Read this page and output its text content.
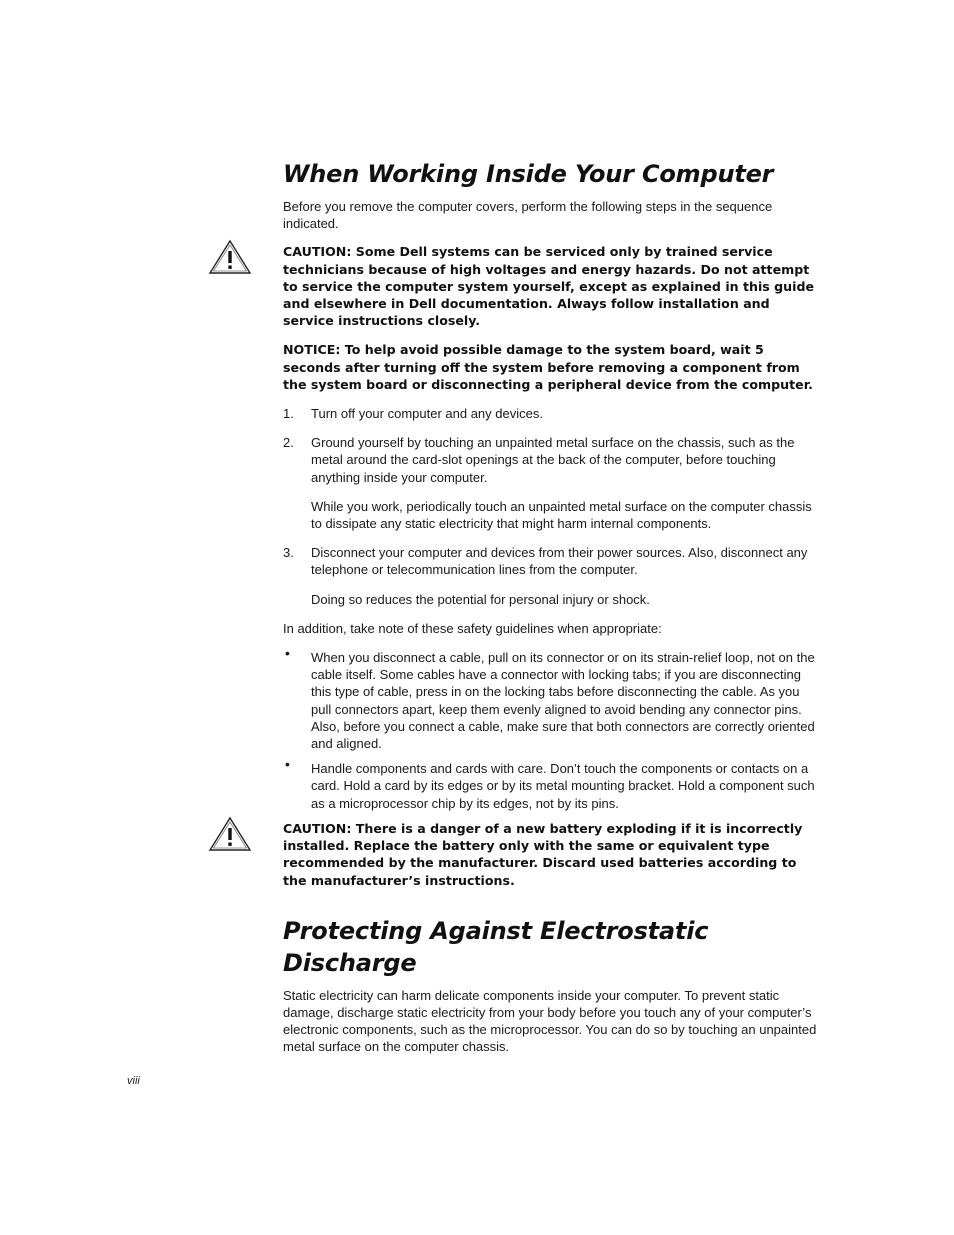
When Working Inside Your Computer

Before you remove the computer covers, perform the following steps in the sequence indicated.

CAUTION: Some Dell systems can be serviced only by trained service technicians because of high voltages and energy hazards. Do not attempt to service the computer system yourself, except as explained in this guide and elsewhere in Dell documentation. Always follow installation and service instructions closely.
NOTICE: To help avoid possible damage to the system board, wait 5 seconds after turning off the system before removing a component from the system board or disconnecting a peripheral device from the computer.
1. Turn off your computer and any devices.

2. Ground yourself by touching an unpainted metal surface on the chassis, such as the metal around the card-slot openings at the back of the computer, before touching anything inside your computer.

While you work, periodically touch an unpainted metal surface on the computer chassis to dissipate any static electricity that might harm internal components.

3. Disconnect your computer and devices from their power sources. Also, disconnect any telephone or telecommunication lines from the computer.

Doing so reduces the potential for personal injury or shock.

In addition, take note of these safety guidelines when appropriate:

• When you disconnect a cable, pull on its connector or on its strain-relief loop, not on the cable itself. Some cables have a connector with locking tabs; if you are disconnecting this type of cable, press in on the locking tabs before disconnecting the cable. As you pull connectors apart, keep them evenly aligned to avoid bending any connector pins. Also, before you connect a cable, make sure that both connectors are correctly oriented and aligned.

• Handle components and cards with care. Don’t touch the components or contacts on a card. Hold a card by its edges or by its metal mounting bracket. Hold a component such as a microprocessor chip by its edges, not by its pins.

CAUTION: There is a danger of a new battery exploding if it is incorrectly installed. Replace the battery only with the same or equivalent type recommended by the manufacturer. Discard used batteries according to the manufacturer’s instructions.
Protecting Against Electrostatic Discharge

Static electricity can harm delicate components inside your computer. To prevent static damage, discharge static electricity from your body before you touch any of your computer’s electronic components, such as the microprocessor. You can do so by touching an unpainted metal surface on the computer chassis.

viii
